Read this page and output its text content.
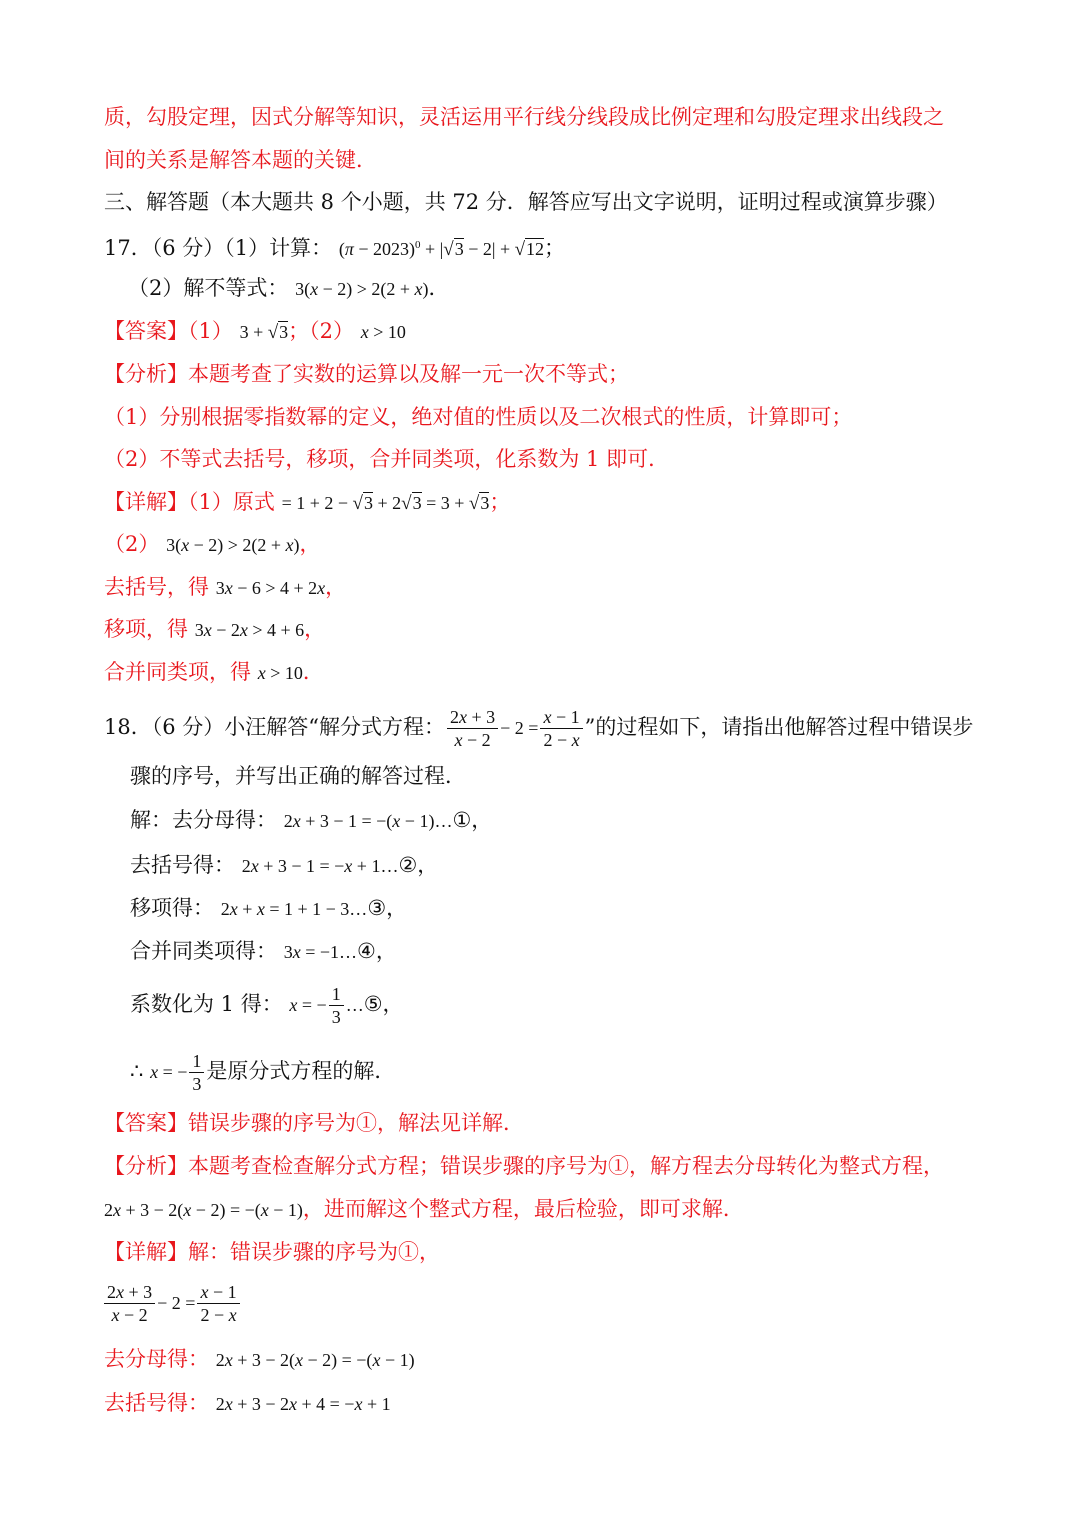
质，勾股定理，因式分解等知识，灵活运用平行线分线段成比例定理和勾股定理求出线段之
间的关系是解答本题的关键．
三、解答题（本大题共 8 个小题，共 72 分．解答应写出文字说明，证明过程或演算步骤）
17．（6 分）（1）计算： $(\pi - 2023)^0 + |√3 - 2| + √12$；
（2）解不等式： 3(x − 2) > 2(2 + x)．
【答案】（1） 3 + √3；（2） x > 10
【分析】本题考查了实数的运算以及解一元一次不等式；
（1）分别根据零指数幂的定义，绝对值的性质以及二次根式的性质，计算即可；
（2）不等式去括号，移项，合并同类项，化系数为 1 即可．
【详解】（1）原式 = 1 + 2 − √3 + 2√3 = 3 + √3；
（2） 3(x − 2) > 2(2 + x)，
去括号，得 3x − 6 > 4 + 2x，
移项，得 3x − 2x > 4 + 6，
合并同类项，得 x > 10．
18．（6 分）小汪解答“解分式方程： $\frac{2x + 3}{x - 2} - 2 = \frac{x - 1}{2 - x}$ ”的过程如下，请指出他解答过程中错误步
骤的序号，并写出正确的解答过程．
解：去分母得： 2x + 3 − 1 = −(x − 1)…①，
去括号得： 2x + 3 − 1 = −x + 1…②，
移项得： 2x + x = 1 + 1 − 3…③，
合并同类项得： 3x = −1…④，
系数化为 1 得： x = − $\frac{1}{3}$ …⑤，
∴ x = − $\frac{1}{3}$ 是原分式方程的解．
【答案】错误步骤的序号为①，解法见详解．
【分析】本题考查检查解分式方程；错误步骤的序号为①，解方程去分母转化为整式方程，
2x + 3 − 2(x − 2) = −(x − 1)，进而解这个整式方程，最后检验，即可求解．
【详解】解：错误步骤的序号为①，
$\frac{2x + 3}{x - 2} - 2 = \frac{x - 1}{2 - x}$
去分母得： 2x + 3 − 2(x − 2) = −(x − 1)
去括号得： 2x + 3 − 2x + 4 = −x + 1
